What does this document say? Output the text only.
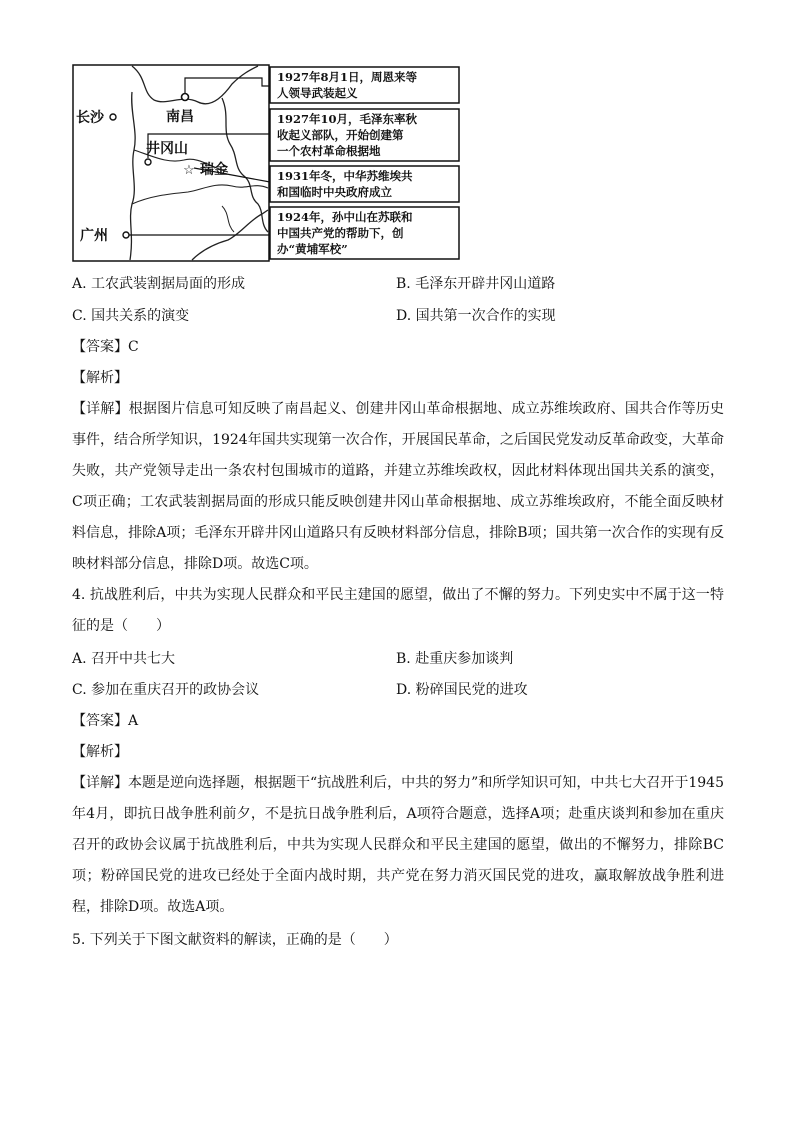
☆
长沙	南昌
井冈山
瑞金
广州
1927年8月1日，周恩来等
人领导武装起义
1927年10月，毛泽东率秋
收起义部队，开始创建第
一个农村革命根据地
1931年冬，中华苏维埃共
和国临时中央政府成立
1924年，孙中山在苏联和
中国共产党的帮助下，创
办“黄埔军校”
A. 工农武装割据局面的形成	B. 毛泽东开辟井冈山道路
C. 国共关系的演变	D. 国共第一次合作的实现
【答案】C
【解析】

【详解】根据图片信息可知反映了南昌起义、创建井冈山革命根据地、成立苏维埃政府、国共合作等历史事件，结合所学知识，1924年国共实现第一次合作，开展国民革命，之后国民党发动反革命政变，大革命失败，共产党领导走出一条农村包围城市的道路，并建立苏维埃政权，因此材料体现出国共关系的演变，C项正确；工农武装割据局面的形成只能反映创建井冈山革命根据地、成立苏维埃政府，不能全面反映材料信息，排除A项；毛泽东开辟井冈山道路只有反映材料部分信息，排除B项；国共第一次合作的实现有反映材料部分信息，排除D项。故选C项。

4. 抗战胜利后，中共为实现人民群众和平民主建国的愿望，做出了不懈的努力。下列史实中不属于这一特征的是（　　）

A. 召开中共七大	B. 赴重庆参加谈判
C. 参加在重庆召开的政协会议	D. 粉碎国民党的进攻
【答案】A
【解析】

【详解】本题是逆向选择题，根据题干“抗战胜利后，中共的努力”和所学知识可知，中共七大召开于1945年4月，即抗日战争胜利前夕，不是抗日战争胜利后，A项符合题意，选择A项；赴重庆谈判和参加在重庆召开的政协会议属于抗战胜利后，中共为实现人民群众和平民主建国的愿望，做出的不懈努力，排除BC项；粉碎国民党的进攻已经处于全面内战时期，共产党在努力消灭国民党的进攻，赢取解放战争胜利进程，排除D项。故选A项。

5. 下列关于下图文献资料的解读，正确的是（　　）
